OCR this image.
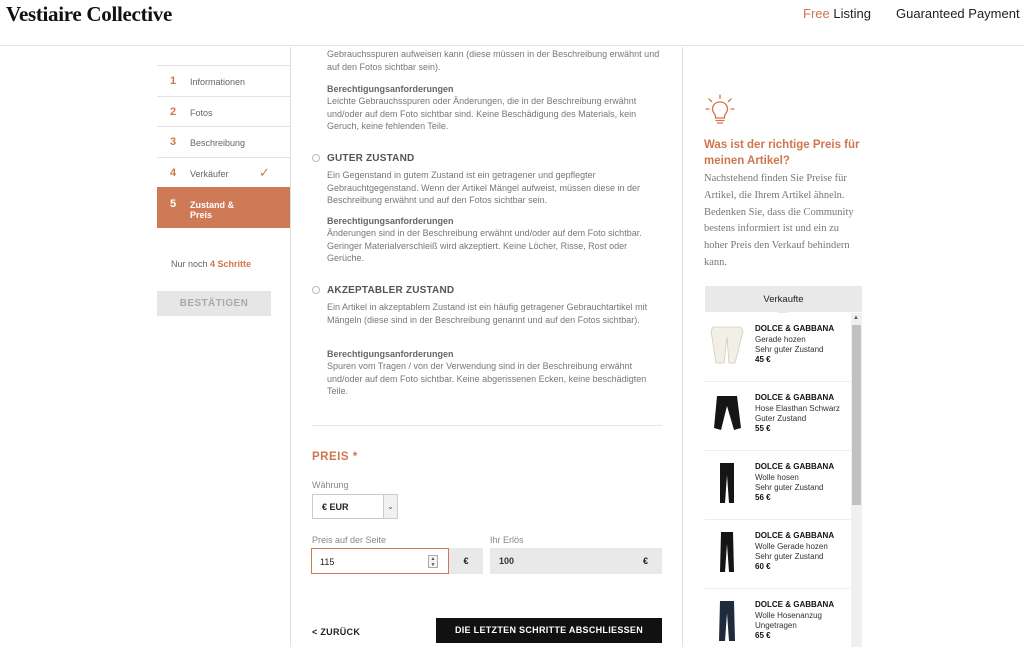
Vestiaire Collective	Free Listing Guaranteed Payment
1 Informationen
2 Fotos
3 Beschreibung
4 Verkäufer ✓
5 Zustand & Preis
Nur noch 4 Schritte
BESTÄTIGEN
Gebrauchsspuren aufweisen kann (diese müssen in der Beschreibung erwähnt und auf den Fotos sichtbar sein).
Berechtigungsanforderungen
Leichte Gebrauchsspuren oder Änderungen, die in der Beschreibung erwähnt und/oder auf dem Foto sichtbar sind. Keine Beschädigung des Materials, kein Geruch, keine fehlenden Teile.
GUTER ZUSTAND
Ein Gegenstand in gutem Zustand ist ein getragener und gepflegter Gebrauchtgegenstand. Wenn der Artikel Mängel aufweist, müssen diese in der Beschreibung erwähnt und auf den Fotos sichtbar sein.
Berechtigungsanforderungen
Änderungen sind in der Beschreibung erwähnt und/oder auf dem Foto sichtbar. Geringer Materialverschleiß wird akzeptiert. Keine Löcher, Risse, Rost oder Gerüche.
AKZEPTABLER ZUSTAND
Ein Artikel in akzeptablem Zustand ist ein häufig getragener Gebrauchtartikel mit Mängeln (diese sind in der Beschreibung genannt und auf den Fotos sichtbar).
Berechtigungsanforderungen
Spuren vom Tragen / von der Verwendung sind in der Beschreibung erwähnt und/oder auf dem Foto sichtbar. Keine abgerissenen Ecken, keine beschädigten Teile.
PREIS *
Währung
€ EUR	⌄
Preis auf der Seite	Ihr Erlös
115	▲
▼	€	100	€
< ZURÜCK	DIE LETZTEN SCHRITTE ABSCHLIESSEN
Was ist der richtige Preis für meinen Artikel?
Nachstehend finden Sie Preise für Artikel, die Ihrem Artikel ähneln. Bedenken Sie, dass die Community bestens informiert ist und ein zu hoher Preis den Verkauf behindern kann.
Verkaufte
DOLCE & GABBANA
Gerade hozen
Sehr guter Zustand
45 €
DOLCE & GABBANA
Hose Elasthan Schwarz
Guter Zustand
55 €
DOLCE & GABBANA
Wolle hosen
Sehr guter Zustand
56 €
DOLCE & GABBANA
Wolle Gerade hozen
Sehr guter Zustand
60 €
DOLCE & GABBANA
Wolle Hosenanzug
Ungetragen
65 €
▲
